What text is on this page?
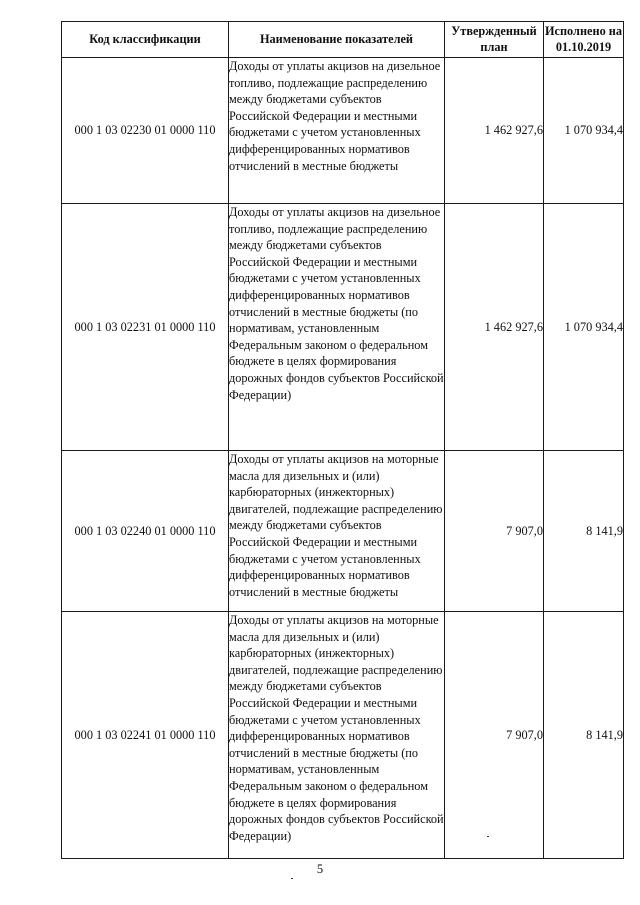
Код классификации	Наименование показателей	Утвержденный план	Исполнено на 01.10.2019
000 1 03 02230 01 0000 110	Доходы от уплаты акцизов на дизельное топливо, подлежащие распределению между бюджетами субъектов Российской Федерации и местными бюджетами с учетом установленных дифференцированных нормативов отчислений в местные бюджеты	1 462 927,6	1 070 934,4
000 1 03 02231 01 0000 110	Доходы от уплаты акцизов на дизельное топливо, подлежащие распределению между бюджетами субъектов Российской Федерации и местными бюджетами с учетом установленных дифференцированных нормативов отчислений в местные бюджеты (по нормативам, установленным Федеральным законом о федеральном бюджете в целях формирования дорожных фондов субъектов Российской Федерации)	1 462 927,6	1 070 934,4
000 1 03 02240 01 0000 110	Доходы от уплаты акцизов на моторные масла для дизельных и (или) карбюраторных (инжекторных) двигателей, подлежащие распределению между бюджетами субъектов Российской Федерации и местными бюджетами с учетом установленных дифференцированных нормативов отчислений в местные бюджеты	7 907,0	8 141,9
000 1 03 02241 01 0000 110	Доходы от уплаты акцизов на моторные масла для дизельных и (или) карбюраторных (инжекторных) двигателей, подлежащие распределению между бюджетами субъектов Российской Федерации и местными бюджетами с учетом установленных дифференцированных нормативов отчислений в местные бюджеты (по нормативам, установленным Федеральным законом о федеральном бюджете в целях формирования дорожных фондов субъектов Российской Федерации)	7 907,0	8 141,9
5
